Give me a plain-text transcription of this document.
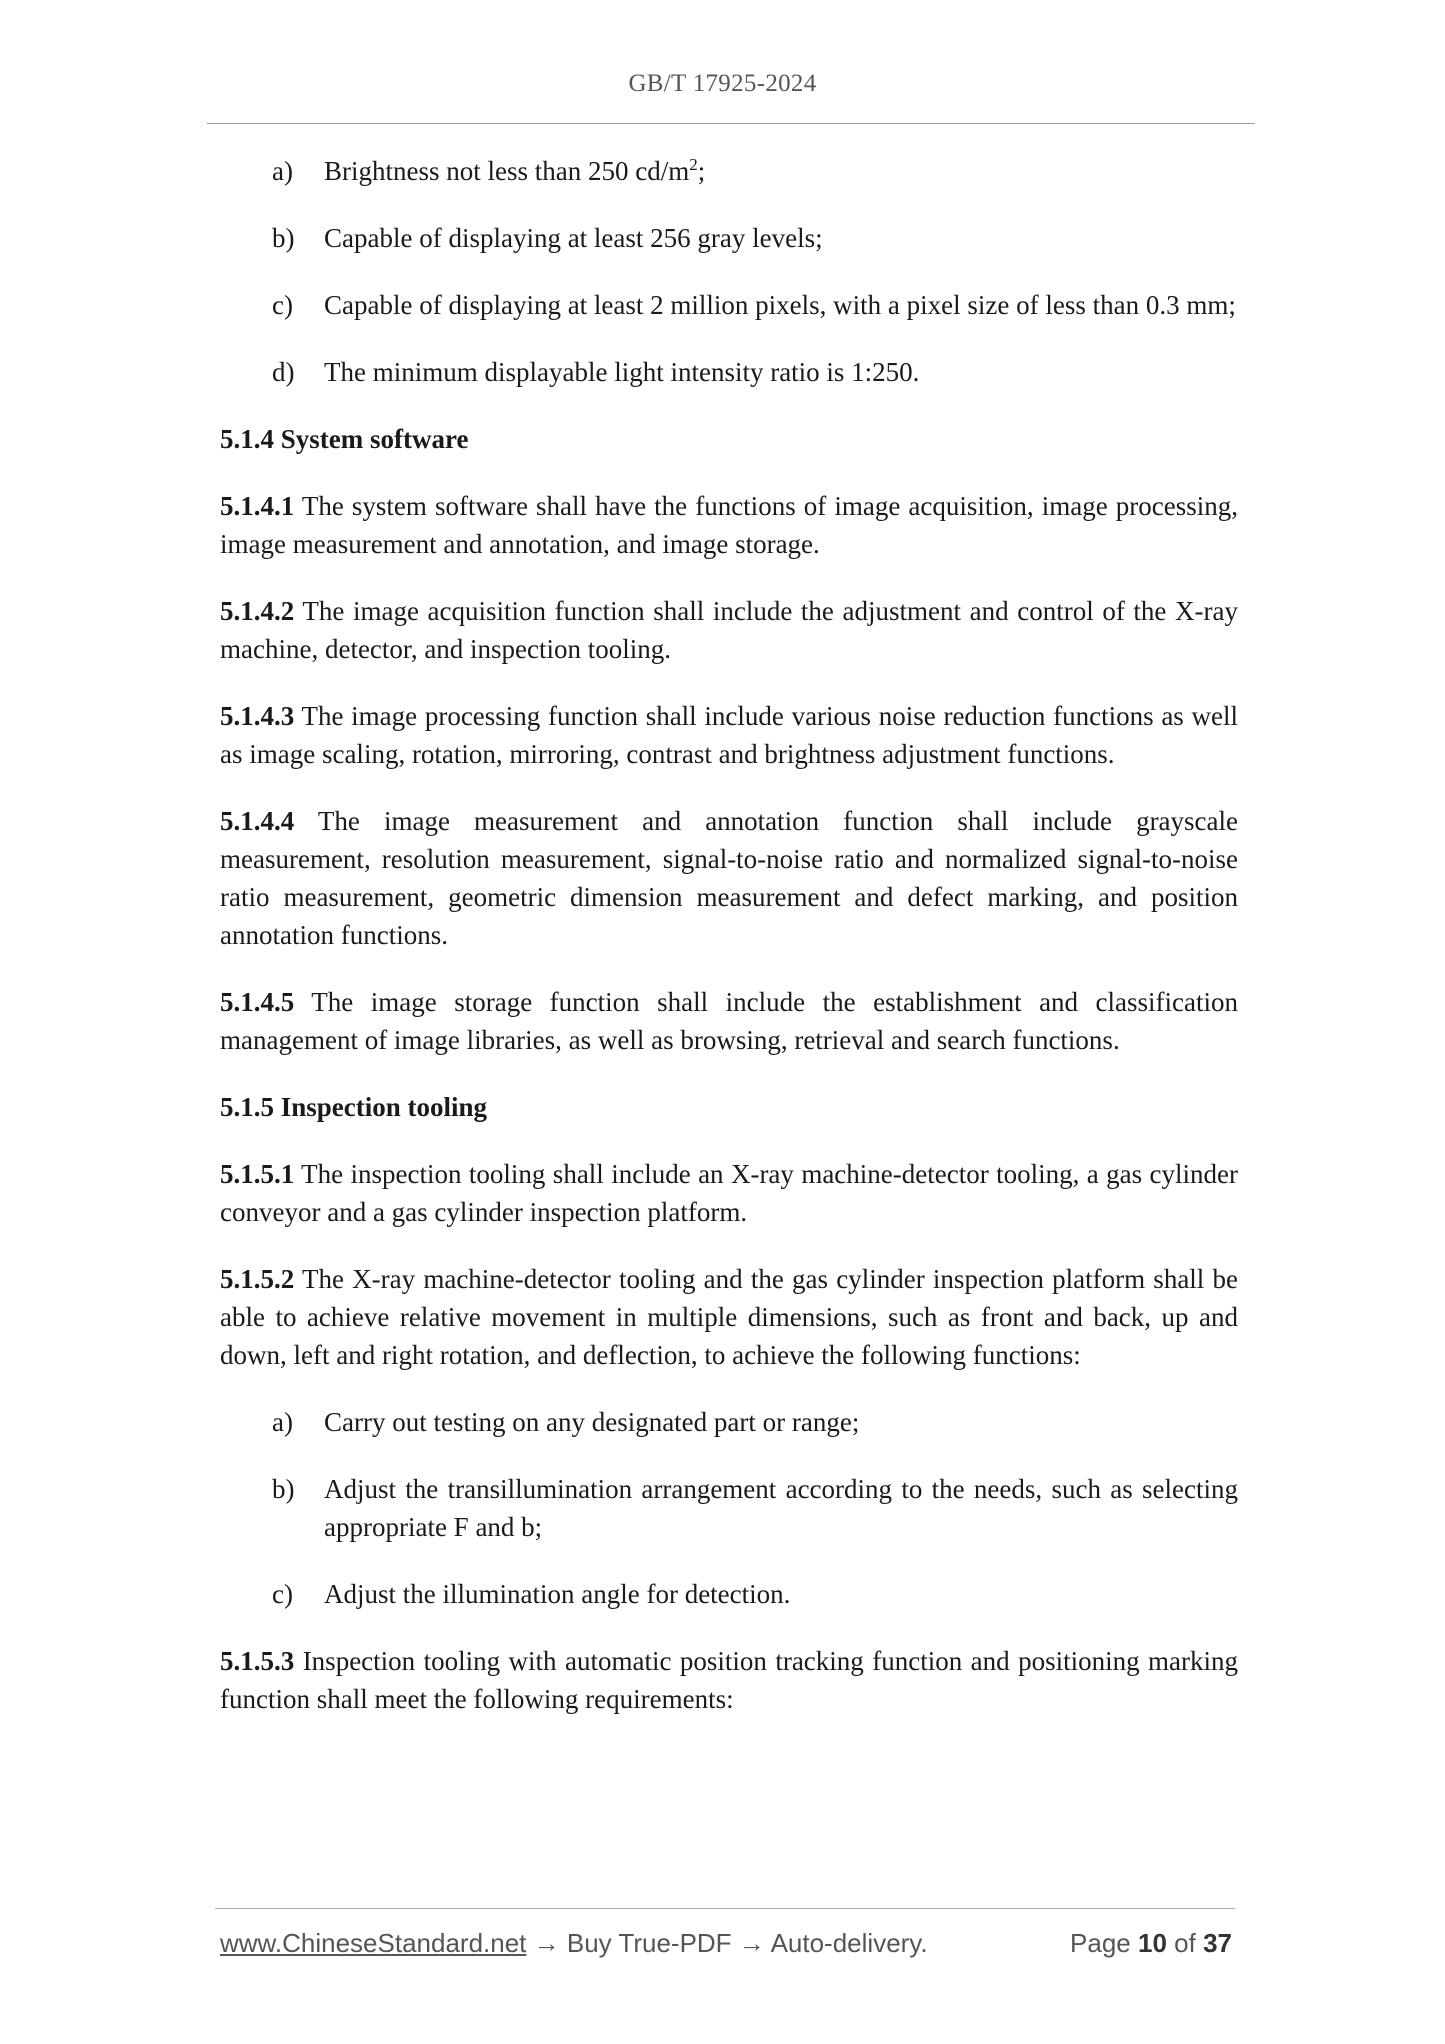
GB/T 17925-2024
a) Brightness not less than 250 $cd/m^2$;
b) Capable of displaying at least 256 gray levels;
c) Capable of displaying at least 2 million pixels, with a pixel size of less than 0.3 mm;
d) The minimum displayable light intensity ratio is 1:250.
5.1.4 System software
5.1.4.1 The system software shall have the functions of image acquisition, image processing, image measurement and annotation, and image storage.
5.1.4.2 The image acquisition function shall include the adjustment and control of the X-ray machine, detector, and inspection tooling.
5.1.4.3 The image processing function shall include various noise reduction functions as well as image scaling, rotation, mirroring, contrast and brightness adjustment functions.
5.1.4.4 The image measurement and annotation function shall include grayscale measurement, resolution measurement, signal-to-noise ratio and normalized signal-to-noise ratio measurement, geometric dimension measurement and defect marking, and position annotation functions.
5.1.4.5 The image storage function shall include the establishment and classification management of image libraries, as well as browsing, retrieval and search functions.
5.1.5 Inspection tooling
5.1.5.1 The inspection tooling shall include an X-ray machine-detector tooling, a gas cylinder conveyor and a gas cylinder inspection platform.
5.1.5.2 The X-ray machine-detector tooling and the gas cylinder inspection platform shall be able to achieve relative movement in multiple dimensions, such as front and back, up and down, left and right rotation, and deflection, to achieve the following functions:
a) Carry out testing on any designated part or range;
b) Adjust the transillumination arrangement according to the needs, such as selecting appropriate F and b;
c) Adjust the illumination angle for detection.
5.1.5.3 Inspection tooling with automatic position tracking function and positioning marking function shall meet the following requirements:
www.ChineseStandard.net → Buy True-PDF → Auto-delivery.	Page 10 of 37
